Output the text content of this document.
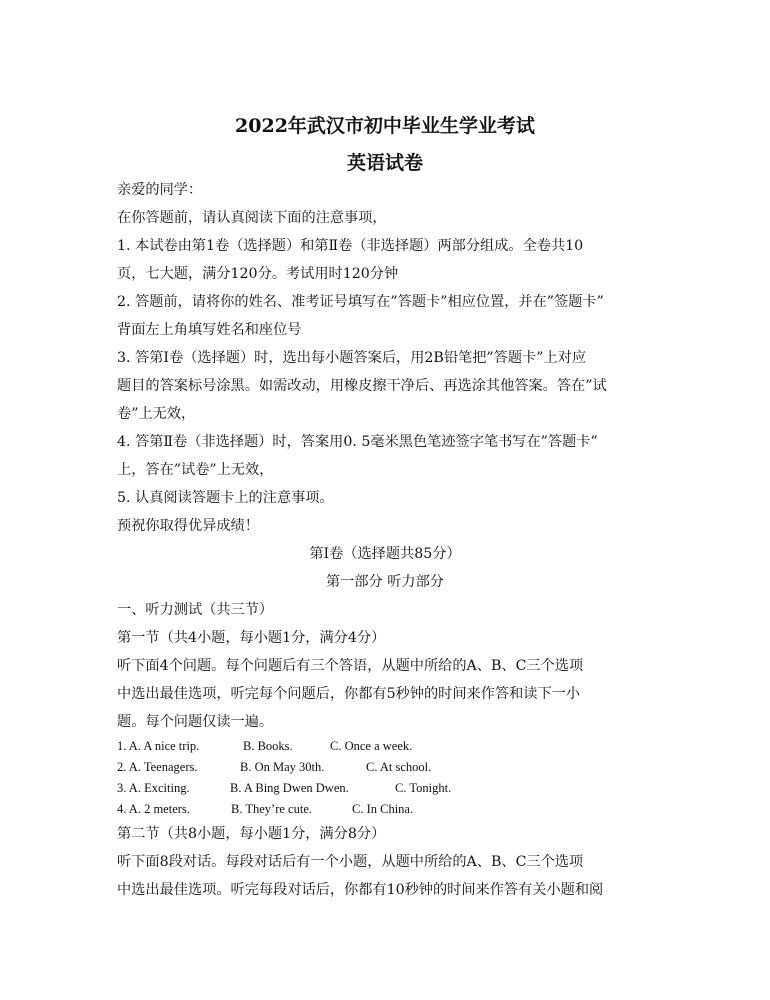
2022年武汉市初中毕业生学业考试
英语试卷
亲爱的同学：
在你答题前，请认真阅读下面的注意事项，
1. 本试卷由第1卷（选择题）和第Ⅱ卷（非选择题）两部分组成。全卷共10
页，七大题，满分120分。考试用时120分钟
2. 答题前，请将你的姓名、准考证号填写在”答题卡”相应位置，并在”签题卡”
背面左上角填写姓名和座位号
3. 答第Ⅰ卷（选择题）时，选出每小题答案后，用2B铅笔把”答题卡”上对应
题目的答案标号涂黑。如需改动，用橡皮擦干净后、再选涂其他答案。答在”试
卷”上无效，
4. 答第Ⅱ卷（非选择题）时，答案用0. 5毫米黑色笔迹签字笔书写在”答题卡”
上，答在”试卷”上无效，
5. 认真阅读答题卡上的注意事项。
预祝你取得优异成绩！
第Ⅰ卷（选择题共85分）
第一部分 听力部分
一、听力测试（共三节）
第一节（共4小题，每小题1分，满分4分）
听下面4个问题。每个问题后有三个答语，从题中所给的A、B、C三个选项
中选出最佳选项，听完每个问题后，你都有5秒钟的时间来作答和读下一小
题。每个问题仅读一遍。
1. A. A nice trip.	B. Books.	C. Once a week.
2. A. Teenagers.	B. On May 30th.	C. At school.
3. A. Exciting.	B. A Bing Dwen Dwen.	C. Tonight.
4. A. 2 meters.	B. They’re cute.	C. In China.
第二节（共8小题，每小题1分，满分8分）
听下面8段对话。每段对话后有一个小题，从题中所给的A、B、C三个选项
中选出最佳选项。听完每段对话后，你都有10秒钟的时间来作答有关小题和阅
